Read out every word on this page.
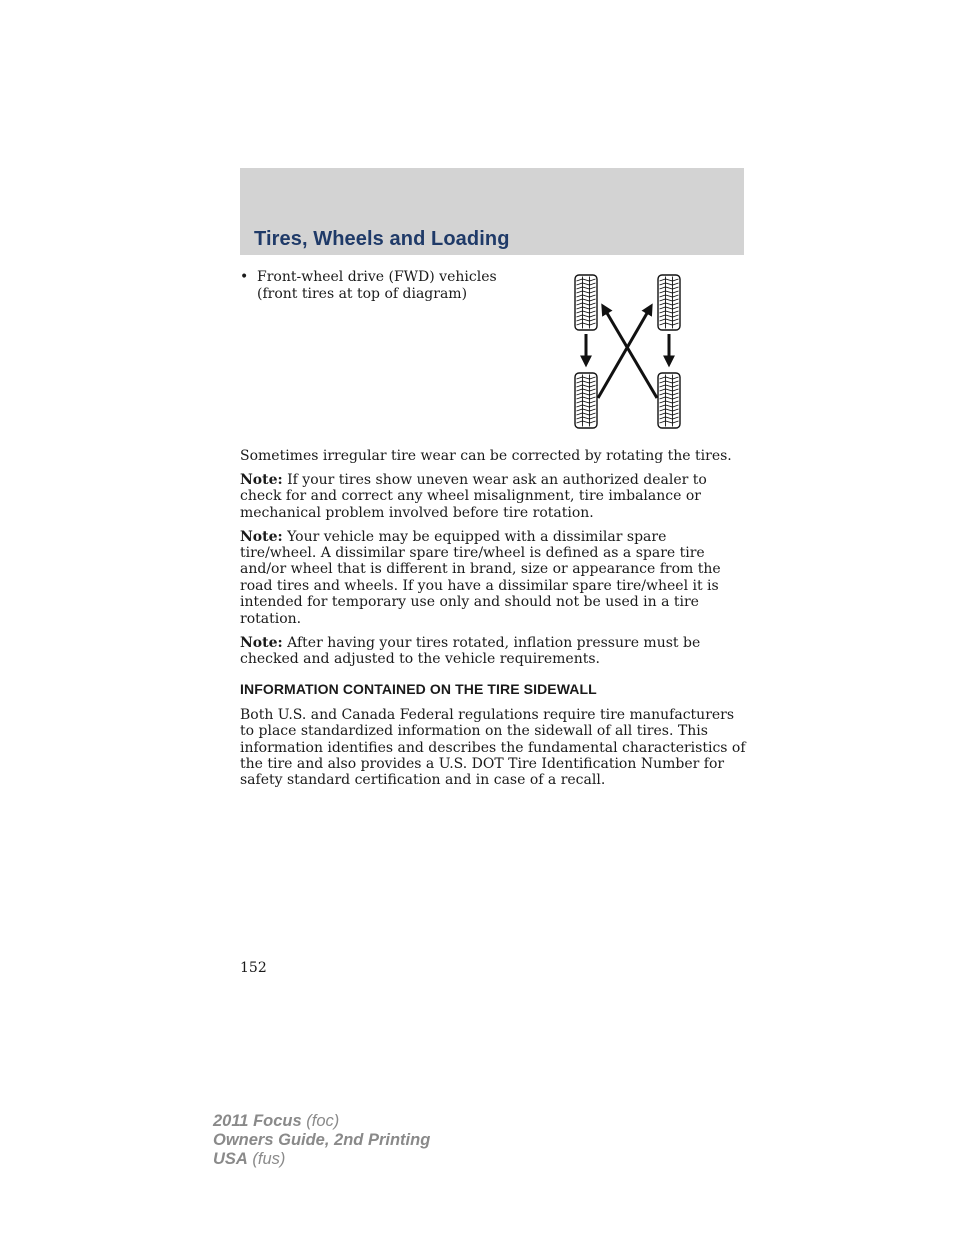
Tires, Wheels and Loading
• Front-wheel drive (FWD) vehicles
(front tires at top of diagram)

Sometimes irregular tire wear can be corrected by rotating the tires.

Note: If your tires show uneven wear ask an authorized dealer to check for and correct any wheel misalignment, tire imbalance or mechanical problem involved before tire rotation.

Note: Your vehicle may be equipped with a dissimilar spare tire/wheel. A dissimilar spare tire/wheel is defined as a spare tire and/or wheel that is different in brand, size or appearance from the road tires and wheels. If you have a dissimilar spare tire/wheel it is intended for temporary use only and should not be used in a tire rotation.

Note: After having your tires rotated, inflation pressure must be checked and adjusted to the vehicle requirements.

INFORMATION CONTAINED ON THE TIRE SIDEWALL

Both U.S. and Canada Federal regulations require tire manufacturers to place standardized information on the sidewall of all tires. This information identifies and describes the fundamental characteristics of the tire and also provides a U.S. DOT Tire Identification Number for safety standard certification and in case of a recall.

152
2011 Focus (foc)
Owners Guide, 2nd Printing
USA (fus)
